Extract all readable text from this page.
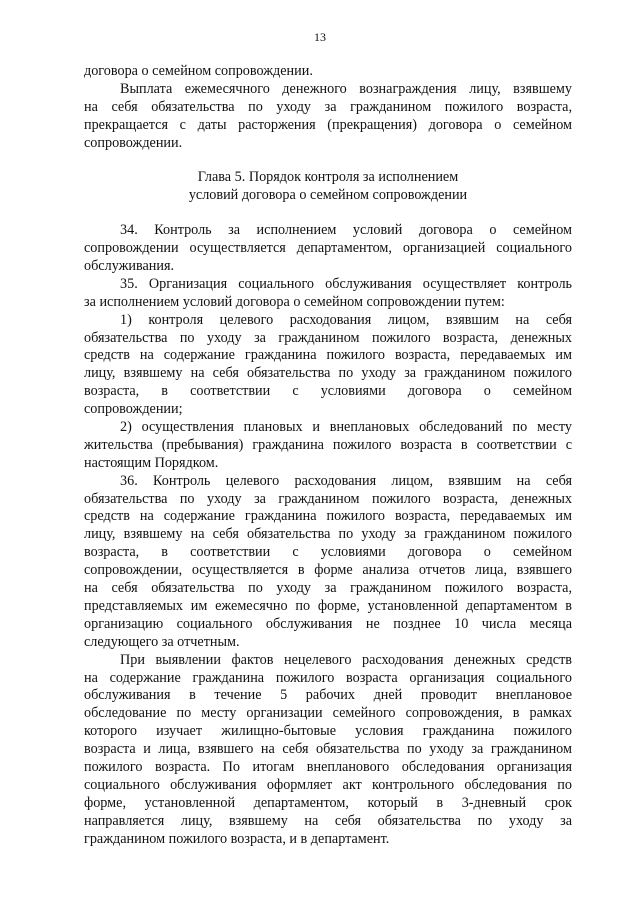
13
договора о семейном сопровождении.
Выплата ежемесячного денежного вознаграждения лицу, взявшему
на себя обязательства по уходу за гражданином пожилого возраста,
прекращается с даты расторжения (прекращения) договора о семейном
сопровождении.
Глава 5. Порядок контроля за исполнением
условий договора о семейном сопровождении
34. Контроль за исполнением условий договора о семейном
сопровождении осуществляется департаментом, организацией социального
обслуживания.
35. Организация социального обслуживания осуществляет контроль
за исполнением условий договора о семейном сопровождении путем:
1) контроля целевого расходования лицом, взявшим на себя
обязательства по уходу за гражданином пожилого возраста, денежных
средств на содержание гражданина пожилого возраста, передаваемых им
лицу, взявшему на себя обязательства по уходу за гражданином пожилого
возраста, в соответствии с условиями договора о семейном
сопровождении;
2) осуществления плановых и внеплановых обследований по месту
жительства (пребывания) гражданина пожилого возраста в соответствии с
настоящим Порядком.
36. Контроль целевого расходования лицом, взявшим на себя
обязательства по уходу за гражданином пожилого возраста, денежных
средств на содержание гражданина пожилого возраста, передаваемых им
лицу, взявшему на себя обязательства по уходу за гражданином пожилого
возраста, в соответствии с условиями договора о семейном
сопровождении, осуществляется в форме анализа отчетов лица, взявшего
на себя обязательства по уходу за гражданином пожилого возраста,
представляемых им ежемесячно по форме, установленной департаментом в
организацию социального обслуживания не позднее 10 числа месяца
следующего за отчетным.
При выявлении фактов нецелевого расходования денежных средств
на содержание гражданина пожилого возраста организация социального
обслуживания в течение 5 рабочих дней проводит внеплановое
обследование по месту организации семейного сопровождения, в рамках
которого изучает жилищно-бытовые условия гражданина пожилого
возраста и лица, взявшего на себя обязательства по уходу за гражданином
пожилого возраста. По итогам внепланового обследования организация
социального обслуживания оформляет акт контрольного обследования по
форме, установленной департаментом, который в 3-дневный срок
направляется лицу, взявшему на себя обязательства по уходу за
гражданином пожилого возраста, и в департамент.
